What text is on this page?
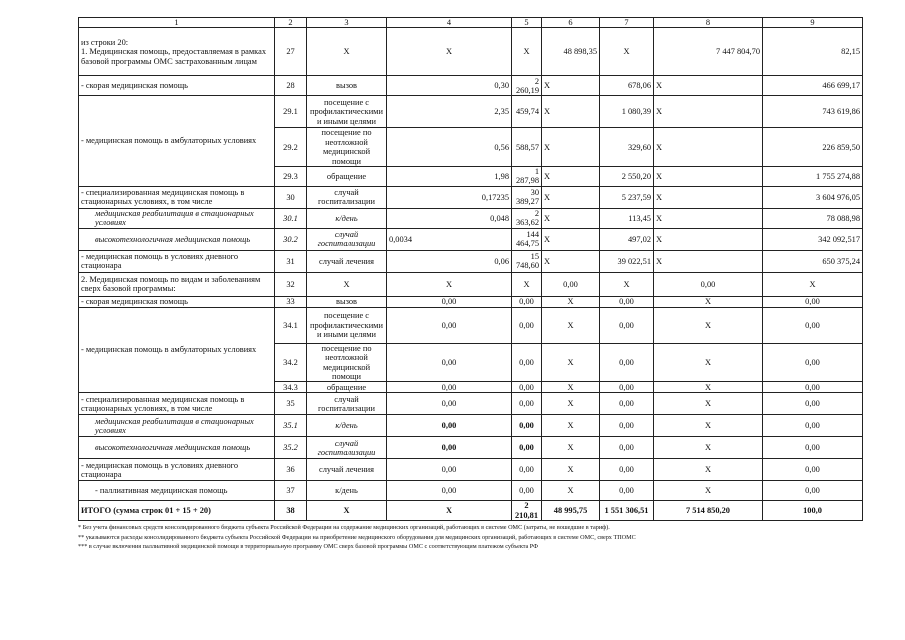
1	2	3	4	5	6	7	8	9	
из строки 20:
1. Медицинская помощь, предоставляемая в рамках базовой программы ОМС застрахованным лицам	27	X	X	X	48 898,35	X	7 447 804,70	82,15	
- скорая медицинская помощь	28	вызов	0,30	2 260,19	X	678,06	X	466 699,17	
- медицинская помощь в амбулаторных условиях	29.1	посещение с профилактическими и иными целями	2,35	459,74	X	1 080,39	X	743 619,86	
	29.2	посещение по неотложной медицинской помощи	0,56	588,57	X	329,60	X	226 859,50	
	29.3	обращение	1,98	1 287,98	X	2 550,20	X	1 755 274,88	
- специализированная медицинская помощь в стационарных условиях, в том числе	30	случай госпитализации	0,17235	30 389,27	X	5 237,59	X	3 604 976,05	
медицинская реабилитация в стационарных условиях	30.1	к/день	0,048	2 363,62	X	113,45	X	78 088,98	
высокотехнологичная медицинская помощь	30.2	случай госпитализации	0,0034	144 464,75	X	497,02	X	342 092,517	
- медицинская помощь в условиях дневного стационара	31	случай лечения	0,06	15 748,60	X	39 022,51	X	650 375,24	
2. Медицинская помощь по видам и заболеваниям сверх базовой программы:	32	X	X	X	0,00	X	0,00	X	
- скорая медицинская помощь	33	вызов	0,00	0,00	X	0,00	X	0,00	
- медицинская помощь в амбулаторных условиях	34.1	посещение с профилактическими и иными целями	0,00	0,00	X	0,00	X	0,00	
	34.2	посещение по неотложной медицинской помощи	0,00	0,00	X	0,00	X	0,00	
	34.3	обращение	0,00	0,00	X	0,00	X	0,00	
- специализированная медицинская помощь в стационарных условиях, в том числе	35	случай госпитализации	0,00	0,00	X	0,00	X	0,00	
медицинская реабилитация в стационарных условиях	35.1	к/день	0,00	0,00	X	0,00	X	0,00	
высокотехнологичная медицинская помощь	35.2	случай госпитализации	0,00	0,00	X	0,00	X	0,00	
- медицинская помощь в условиях дневного стационара	36	случай лечения	0,00	0,00	X	0,00	X	0,00	
- паллиативная медицинская помощь	37	к/день	0,00	0,00	X	0,00	X	0,00	
ИТОГО (сумма строк 01 + 15 + 20)	38	X	X	2 210,81	48 995,75	1 551 306,51	7 514 850,20	100,0	
* Без учета финансовых средств консолидированного бюджета субъекта Российской Федерации на содержание медицинских организаций, работающих в системе ОМС (затраты, не вошедшие в тариф).
** указываются расходы консолидированного бюджета субъекта Российской Федерации на приобретение медицинского оборудования для медицинских организаций, работающих в системе ОМС, сверх ТПОМС
*** в случае включения паллиативной медицинской помощи в территориальную программу ОМС сверх базовой программы ОМС с соответствующим платежом субъекта РФ
